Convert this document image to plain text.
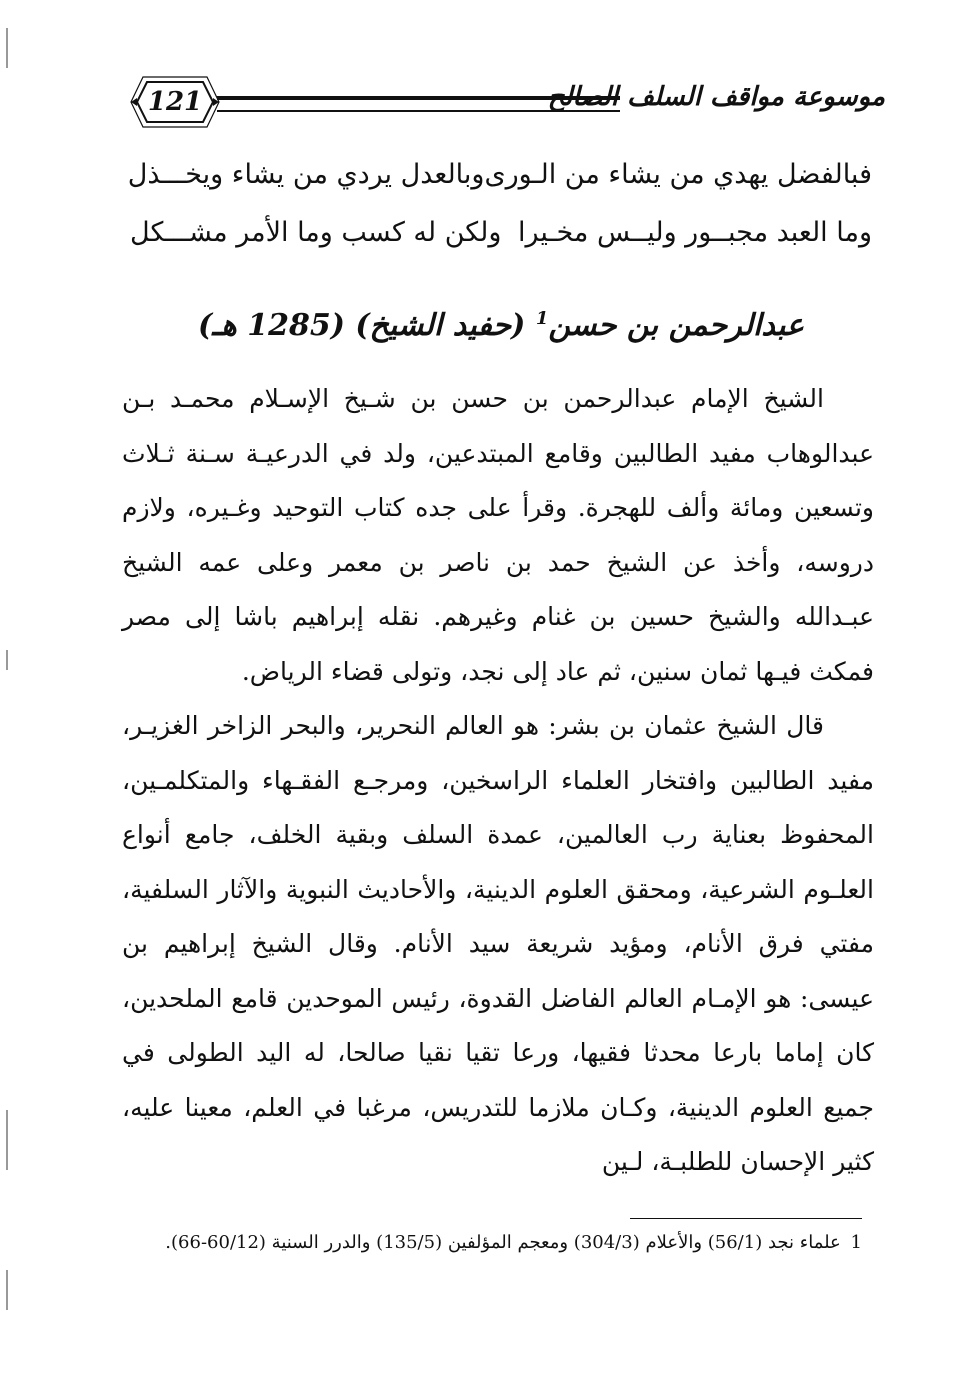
121	موسوعة مواقف السلف الصالح
فبالفضل يهدي من يشاء من الـورى
وبالعدل يردي من يشاء ويخـــذل
وما العبد مجبــور وليــس مخـيرا
ولكن له كسب وما الأمر مشـــكل
عبدالرحمن بن حسن$^1$ (حفيد الشيخ) (1285 هـ)

الشيخ الإمام عبدالرحمن بن حسن بن شـيخ الإسـلام محمـد بـن عبدالوهاب مفيد الطالبين وقامع المبتدعين، ولد في الدرعيـة سـنة ثـلاث وتسعين ومائة وألف للهجرة. وقرأ على جده كتاب التوحيد وغـيره، ولازم دروسه، وأخذ عن الشيخ حمد بن ناصر بن معمر وعلى عمه الشيخ عبـدالله والشيخ حسين بن غنام وغيرهم. نقله إبراهيم باشا إلى مصر فمكث فيـها ثمان سنين، ثم عاد إلى نجد، وتولى قضاء الرياض.

قال الشيخ عثمان بن بشر: هو العالم النحرير، والبحر الزاخر الغزيـر، مفيد الطالبين وافتخار العلماء الراسخين، ومرجـع الفقـهاء والمتكلمـين، المحفوظ بعناية رب العالمين، عمدة السلف وبقية الخلف، جامع أنواع العلـوم الشرعية، ومحقق العلوم الدينية، والأحاديث النبوية والآثار السلفية، مفتي فرق الأنام، ومؤيد شريعة سيد الأنام. وقال الشيخ إبراهيم بن عيسى: هو الإمـام العالم الفاضل القدوة، رئيس الموحدين قامع الملحدين، كان إماما بارعا محدثا فقيها، ورعا تقيا نقيا صالحا، له اليد الطولى في جميع العلوم الدينية، وكـان ملازما للتدريس، مرغبا في العلم، معينا عليه، كثير الإحسان للطلبـة، لـين

1 علماء نجد (56/1) والأعلام (304/3) ومعجم المؤلفين (135/5) والدرر السنية (60/12-66).
